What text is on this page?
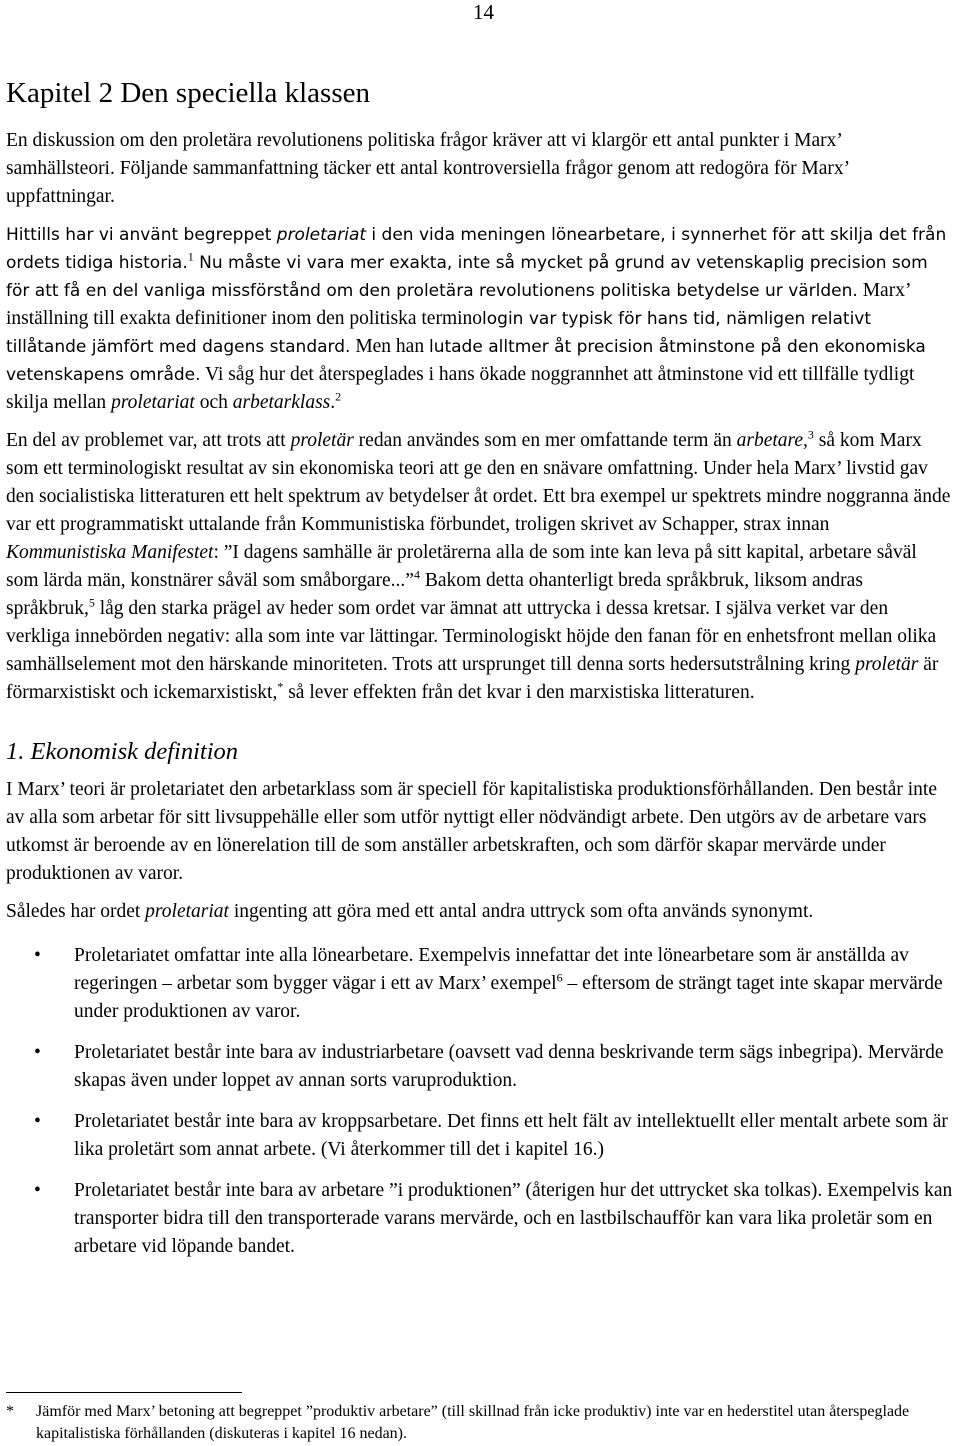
14
Kapitel 2 Den speciella klassen

En diskussion om den proletära revolutionens politiska frågor kräver att vi klargör ett antal punkter i Marx’ samhällsteori. Följande sammanfattning täcker ett antal kontroversiella frågor genom att redogöra för Marx’ uppfattningar.

Hittills har vi använt begreppet proletariat i den vida meningen lönearbetare, i synnerhet för att skilja det från ordets tidiga historia.$^1$ Nu måste vi vara mer exakta, inte så mycket på grund av vetenskaplig precision som för att få en del vanliga missförstånd om den proletära revolutionens politiska betydelse ur världen. Marx’ inställning till exakta definitioner inom den politiska terminologin var typisk för hans tid, nämligen relativt tillåtande jämfört med dagens standard. Men han lutade alltmer åt precision åtminstone på den ekonomiska vetenskapens område. Vi såg hur det återspeglades i hans ökade noggrannhet att åtminstone vid ett tillfälle tydligt skilja mellan proletariat och arbetarklass.$^2$

En del av problemet var, att trots att proletär redan användes som en mer omfattande term än arbetare,$^3$ så kom Marx som ett terminologiskt resultat av sin ekonomiska teori att ge den en snävare omfattning. Under hela Marx’ livstid gav den socialistiska litteraturen ett helt spektrum av betydelser åt ordet. Ett bra exempel ur spektrets mindre noggranna ände var ett programmatiskt uttalande från Kommunistiska förbundet, troligen skrivet av Schapper, strax innan Kommunistiska Manifestet: ”I dagens samhälle är proletärerna alla de som inte kan leva på sitt kapital, arbetare såväl som lärda män, konstnärer såväl som småborgare...”$^4$ Bakom detta ohanterligt breda språkbruk, liksom andras språkbruk,$^5$ låg den starka prägel av heder som ordet var ämnat att uttrycka i dessa kretsar. I själva verket var den verkliga innebörden negativ: alla som inte var lättingar. Terminologiskt höjde den fanan för en enhetsfront mellan olika samhällselement mot den härskande minoriteten. Trots att ursprunget till denna sorts hedersutstrålning kring proletär är förmarxistiskt och ickemarxistiskt,* så lever effekten från det kvar i den marxistiska litteraturen.

1. Ekonomisk definition

I Marx’ teori är proletariatet den arbetarklass som är speciell för kapitalistiska produktionsförhållanden. Den består inte av alla som arbetar för sitt livsuppehälle eller som utför nyttigt eller nödvändigt arbete. Den utgörs av de arbetare vars utkomst är beroende av en lönerelation till de som anställer arbetskraften, och som därför skapar mervärde under produktionen av varor.

Således har ordet proletariat ingenting att göra med ett antal andra uttryck som ofta används synonymt.

• Proletariatet omfattar inte alla lönearbetare. Exempelvis innefattar det inte lönearbetare som är anställda av regeringen – arbetar som bygger vägar i ett av Marx’ exempel$^6$ – eftersom de strängt taget inte skapar mervärde under produktionen av varor.
• Proletariatet består inte bara av industriarbetare (oavsett vad denna beskrivande term sägs inbegripa). Mervärde skapas även under loppet av annan sorts varuproduktion.
• Proletariatet består inte bara av kroppsarbetare. Det finns ett helt fält av intellektuellt eller mentalt arbete som är lika proletärt som annat arbete. (Vi återkommer till det i kapitel 16.)
• Proletariatet består inte bara av arbetare ”i produktionen” (återigen hur det uttrycket ska tolkas). Exempelvis kan transporter bidra till den transporterade varans mervärde, och en lastbilschaufför kan vara lika proletär som en arbetare vid löpande bandet.
*	Jämför med Marx’ betoning att begreppet ”produktiv arbetare” (till skillnad från icke produktiv) inte var en hederstitel utan återspeglade kapitalistiska förhållanden (diskuteras i kapitel 16 nedan).
